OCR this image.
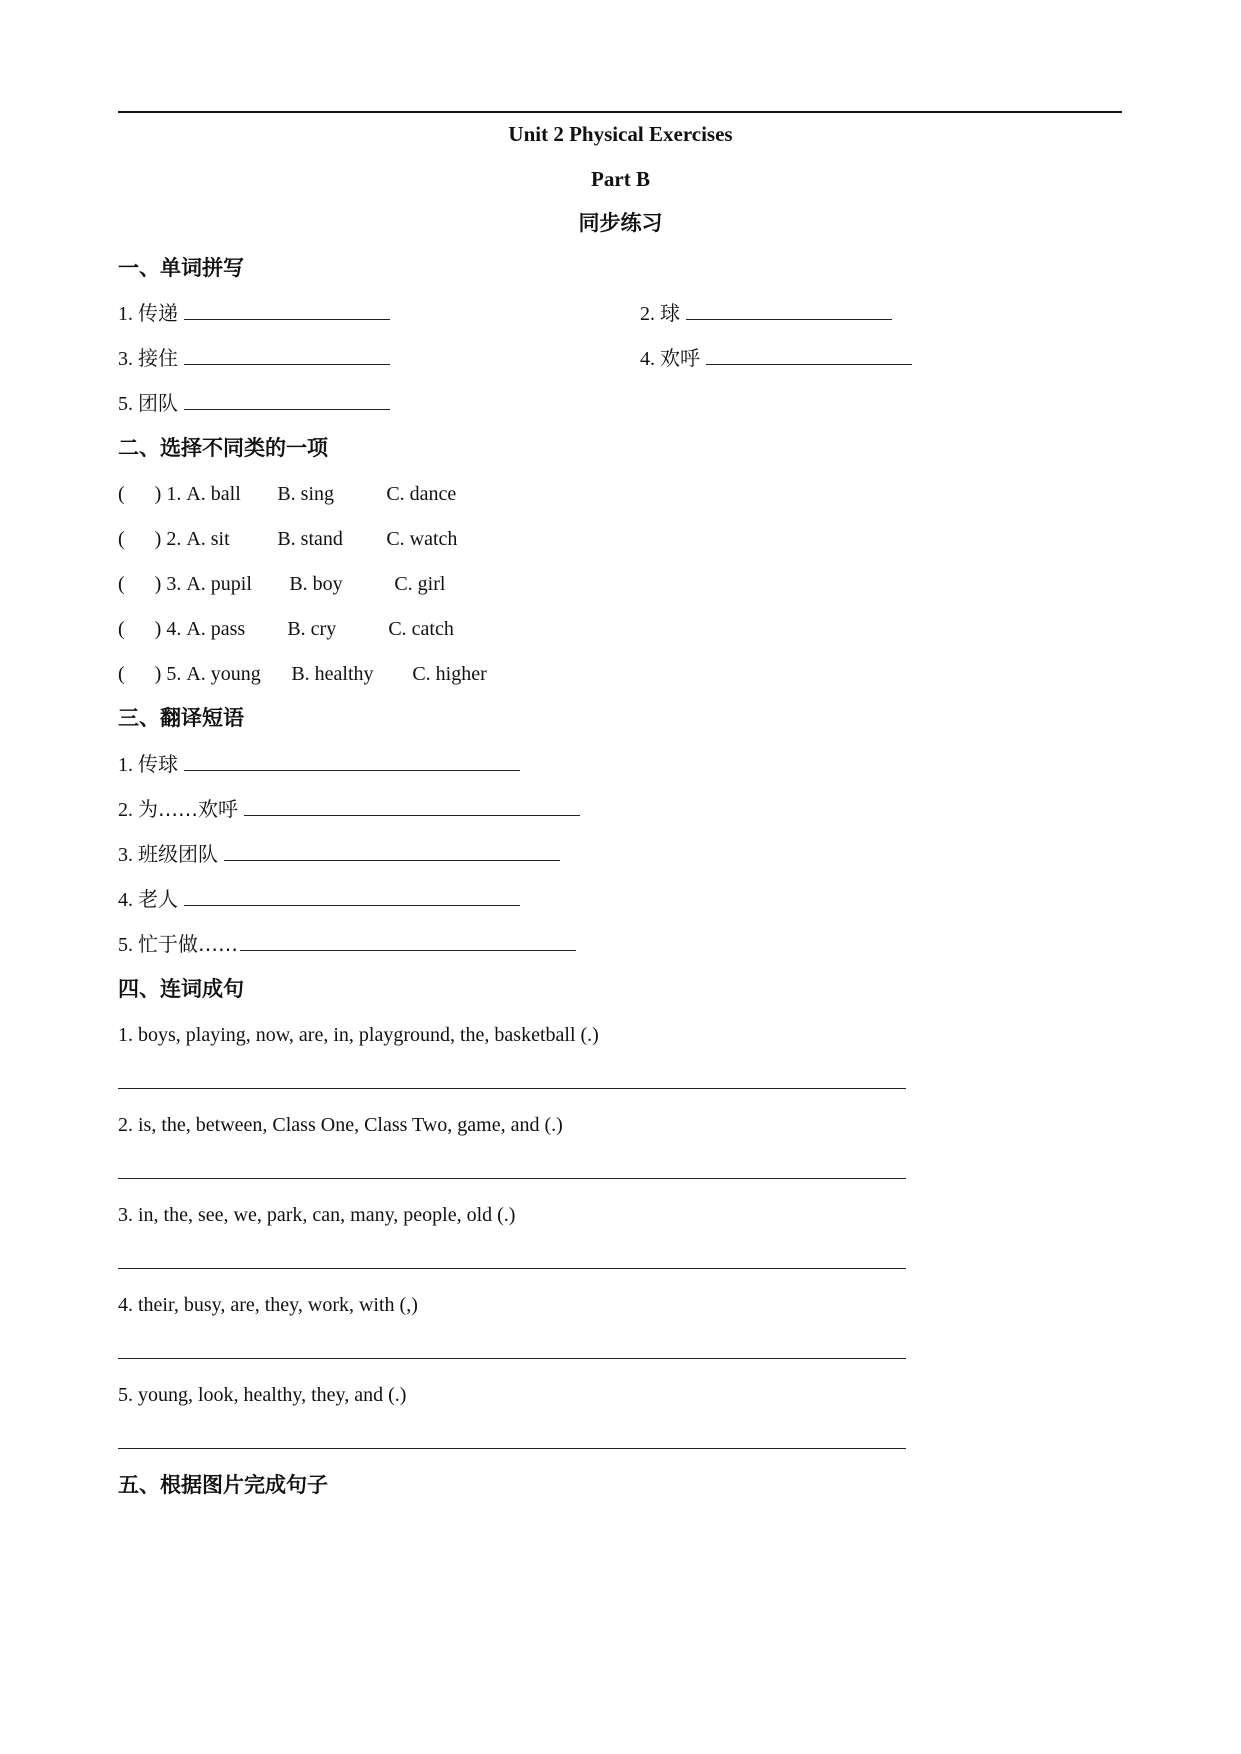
Unit 2 Physical Exercises
Part B
同步练习
一、单词拼写
1. 传递	2. 球
3. 接住	4. 欢呼
5. 团队
二、选择不同类的一项
(      ) 1. A. ball B. sing	C. dance
(      ) 2. A. sit B. stand C. watch
(      ) 3. A. pupil B. boy	C. girl
(      ) 4. A. pass B. cry	C. catch
(      ) 5. A. young B. healthy C. higher
三、翻译短语
1. 传球
2. 为……欢呼
3. 班级团队
4. 老人
5. 忙于做……
四、连词成句
1. boys, playing, now, are, in, playground, the, basketball (.)
2. is, the, between, Class One, Class Two, game, and (.)
3. in, the, see, we, park, can, many, people, old (.)
4. their, busy, are, they, work, with (,)
5. young, look, healthy, they, and (.)
五、根据图片完成句子
